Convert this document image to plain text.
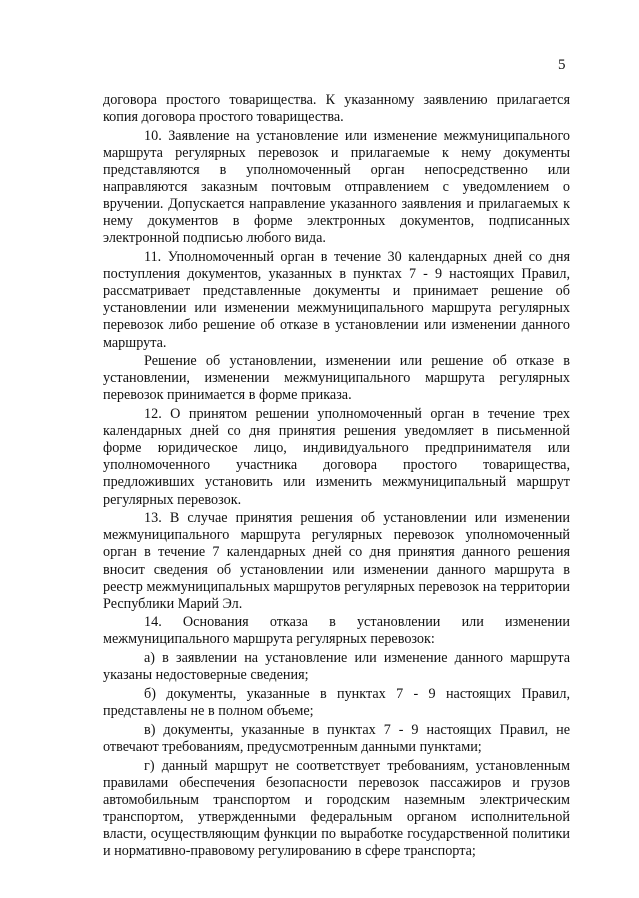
5

договора простого товарищества. К указанному заявлению прилагается копия договора простого товарищества.

10. Заявление на установление или изменение межмуниципального маршрута регулярных перевозок и прилагаемые к нему документы представляются в уполномоченный орган непосредственно или направляются заказным почтовым отправлением с уведомлением о вручении. Допускается направление указанного заявления и прилагаемых к нему документов в форме электронных документов, подписанных электронной подписью любого вида.

11. Уполномоченный орган в течение 30 календарных дней со дня поступления документов, указанных в пунктах 7 - 9 настоящих Правил, рассматривает представленные документы и принимает решение об установлении или изменении межмуниципального маршрута регулярных перевозок либо решение об отказе в установлении или изменении данного маршрута.

Решение об установлении, изменении или решение об отказе в установлении, изменении межмуниципального маршрута регулярных перевозок принимается в форме приказа.

12. О принятом решении уполномоченный орган в течение трех календарных дней со дня принятия решения уведомляет в письменной форме юридическое лицо, индивидуального предпринимателя или уполномоченного участника договора простого товарищества, предложивших установить или изменить межмуниципальный маршрут регулярных перевозок.

13. В случае принятия решения об установлении или изменении межмуниципального маршрута регулярных перевозок уполномоченный орган в течение 7 календарных дней со дня принятия данного решения вносит сведения об установлении или изменении данного маршрута в реестр межмуниципальных маршрутов регулярных перевозок на территории Республики Марий Эл.

14. Основания отказа в установлении или изменении межмуниципального маршрута регулярных перевозок:

а) в заявлении на установление или изменение данного маршрута указаны недостоверные сведения;

б) документы, указанные в пунктах 7 - 9 настоящих Правил, представлены не в полном объеме;

в) документы, указанные в пунктах 7 - 9 настоящих Правил, не отвечают требованиям, предусмотренным данными пунктами;

г) данный маршрут не соответствует требованиям, установленным правилами обеспечения безопасности перевозок пассажиров и грузов автомобильным транспортом и городским наземным электрическим транспортом, утвержденными федеральным органом исполнительной власти, осуществляющим функции по выработке государственной политики и нормативно-правовому регулированию в сфере транспорта;
